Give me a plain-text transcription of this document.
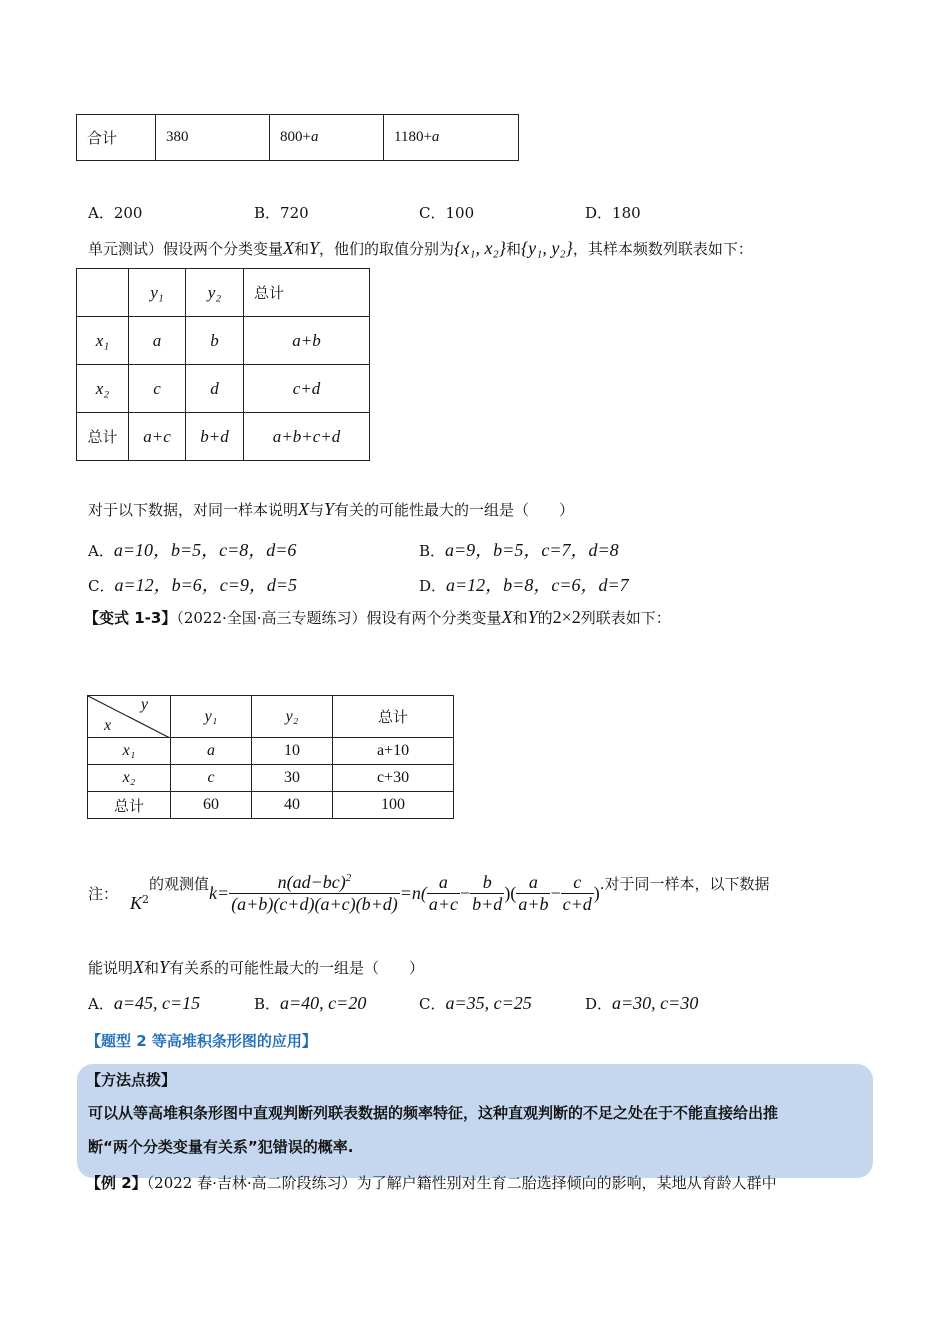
合计	380	800+a	1180+a
A．200	B．720	C．100	D．180
单元测试）假设两个分类变量X和Y，他们的取值分别为{x₁, x₂}和{y₁, y₂}，其样本频数列联表如下：
	y₁	y₂	总计
x₁	a	b	a+b
x₂	c	d	c+d
总计	a+c	b+d	a+b+c+d
对于以下数据，对同一样本说明X与Y有关的可能性最大的一组是（　　）
A．a=10，b=5，c=8，d=6	B．a=9，b=5，c=7，d=8
C．a=12，b=6，c=9，d=5	D．a=12，b=8，c=6，d=7
【变式 1-3】（2022·全国·高三专题练习）假设有两个分类变量X和Y的2×2列联表如下：
y
x	y₁	y₂	总计
x₁	a	10	a+10
x₂	c	30	c+30
总计	60	40	100
注： $K^2$
的观测值 $k= \frac{n(ad-bc)^2}{(a+b)(c+d)(a+c)(b+d)} =n( \frac{a}{a+c} - \frac{b}{b+d}$ )( $\frac{a}{a+b} - \frac{c}{c+d}$ ) .对于同一样本，以下数据
能说明X和Y有关系的可能性最大的一组是（　　）
A．a=45, c=15	B．a=40, c=20	C．a=35, c=25	D．a=30, c=30
【题型 2 等高堆积条形图的应用】
【方法点拨】
可以从等高堆积条形图中直观判断列联表数据的频率特征，这种直观判断的不足之处在于不能直接给出推
断“两个分类变量有关系”犯错误的概率.
【例 2】（2022 春·吉林·高二阶段练习）为了解户籍性别对生育二胎选择倾向的影响，某地从育龄人群中
